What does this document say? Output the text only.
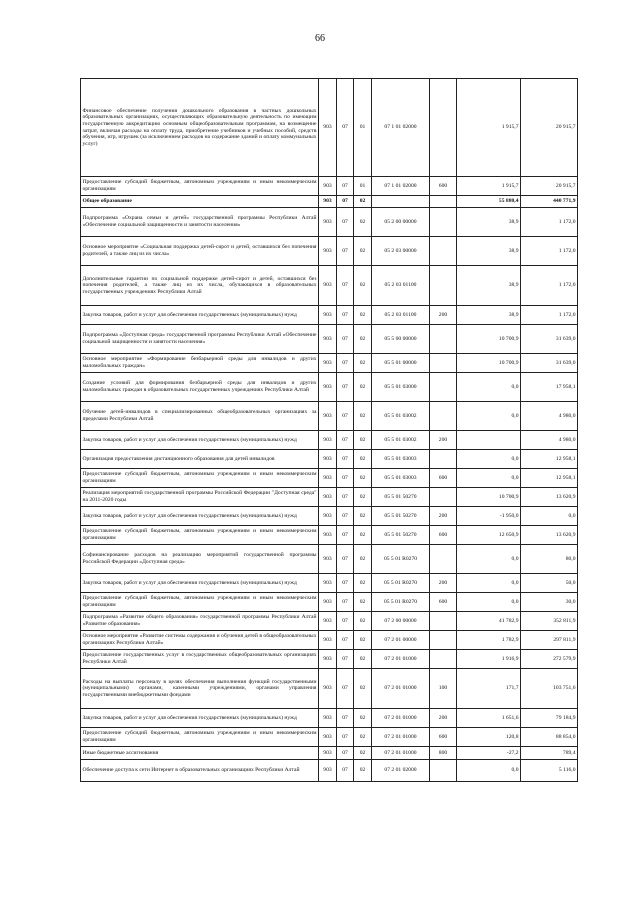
66
Финансовое обеспечение получения дошкольного образования в частных дошкольных образовательных организациях, осуществляющих образовательную деятельность по имеющим государственную аккредитацию основным общеобразовательным программам, на возмещение затрат, включая расходы на оплату труда, приобретение учебников и учебных пособий, средств обучения, игр, игрушек (за исключением расходов на содержание зданий и оплату коммунальных услуг)	903	07	01	07 1 01 02000		1 915,7	20 915,7
Предоставление субсидий бюджетным, автономным учреждениям и иным некоммерческим организациям	903	07	01	07 1 01 02000	600	1 915,7	20 915,7
Общее образование	903	07	02			55 880,4	440 771,9
Подпрограмма «Охрана семьи и детей» государственной программы Республики Алтай «Обеспечение социальной защищенности и занятости населения»	903	07	02	05 2 00 00000		38,9	1 172,0
Основное мероприятие «Социальная поддержка детей-сирот и детей, оставшихся без попечения родителей, а также лиц из их числа»	903	07	02	05 2 03 00000		38,9	1 172,0
Дополнительные гарантии по социальной поддержке детей-сирот и детей, оставшихся без попечения родителей, а также лиц из их числа, обучающихся в образовательных государственных учреждениях Республики Алтай	903	07	02	05 2 03 01100		38,9	1 172,0
Закупка товаров, работ и услуг для обеспечения государственных (муниципальных) нужд	903	07	02	05 2 03 01100	200	38,9	1 172,0
Подпрограмма «Доступная среда» государственной программы Республики Алтай «Обеспечение социальной защищенности и занятости населения»	903	07	02	05 5 00 00000		10 700,9	31 639,0
Основное мероприятие «Формирование безбарьерной среды для инвалидов и других маломобильных граждан»	903	07	02	05 5 01 00000		10 700,9	31 639,0
Создание условий для формирования безбарьерной среды для инвалидов и других маломобильных граждан в образовательных государственных учреждениях Республики Алтай	903	07	02	05 5 01 03000		0,0	17 958,1
Обучение детей-инвалидов в специализированных общеобразовательных организациях за пределами Республики Алтай	903	07	02	05 5 01 03002		0,0	4 980,0
Закупка товаров, работ и услуг для обеспечения государственных (муниципальных) нужд	903	07	02	05 5 01 03002	200		4 980,0
Организация предоставления дистанционного образования для детей инвалидов	903	07	02	05 5 01 03003		0,0	12 958,1
Предоставление субсидий бюджетным, автономным учреждениям и иным некоммерческим организациям	903	07	02	05 5 01 03003	600	0,0	12 958,1
Реализация мероприятий государственной программы Российской Федерации "Доступная среда" на 2011-2020 годы	903	07	02	05 5 01 50270		10 700,9	13 620,9
Закупка товаров, работ и услуг для обеспечения государственных (муниципальных) нужд	903	07	02	05 5 01 50270	200	-1 950,0	0,0
Предоставление субсидий бюджетным, автономным учреждениям и иным некоммерческим организациям	903	07	02	05 5 01 50270	600	12 650,9	13 620,9
Софинансирование расходов на реализацию мероприятий государственной программы Российской Федерации «Доступная среда»	903	07	02	05 5 01 R0270		0,0	80,0
Закупка товаров, работ и услуг для обеспечения государственных (муниципальных) нужд	903	07	02	05 5 01 R0270	200	0,0	50,0
Предоставление субсидий бюджетным, автономным учреждениям и иным некоммерческим организациям	903	07	02	05 5 01 R0270	600	0,0	30,0
Подпрограмма «Развитие общего образования» государственной программы Республики Алтай «Развитие образования»	903	07	02	07 2 00 00000		41 782,9	352 811,9
Основное мероприятие «Развитие системы содержания и обучения детей в общеобразовательных организациях Республики Алтай»	903	07	02	07 2 01 00000		1 782,9	297 811,9
Предоставление государственных услуг в государственных общеобразовательных организациях Республики Алтай	903	07	02	07 2 01 01000		1 916,9	272 579,9
Расходы на выплаты персоналу в целях обеспечения выполнения функций государственными (муниципальными) органами, казенными учреждениями, органами управления государственными внебюджетными фондами	903	07	02	07 2 01 01000	100	171,7	103 751,6
Закупка товаров, работ и услуг для обеспечения государственных (муниципальных) нужд	903	07	02	07 2 01 01000	200	1 651,6	79 184,9
Предоставление субсидий бюджетным, автономным учреждениям и иным некоммерческим организациям	903	07	02	07 2 01 01000	600	120,8	88 854,0
Иные бюджетные ассигнования	903	07	02	07 2 01 01000	800	-27,2	789,4
Обеспечение доступа к сети Интернет в образовательных организациях Республики Алтай	903	07	02	07 2 01 02000		0,0	5 116,0
